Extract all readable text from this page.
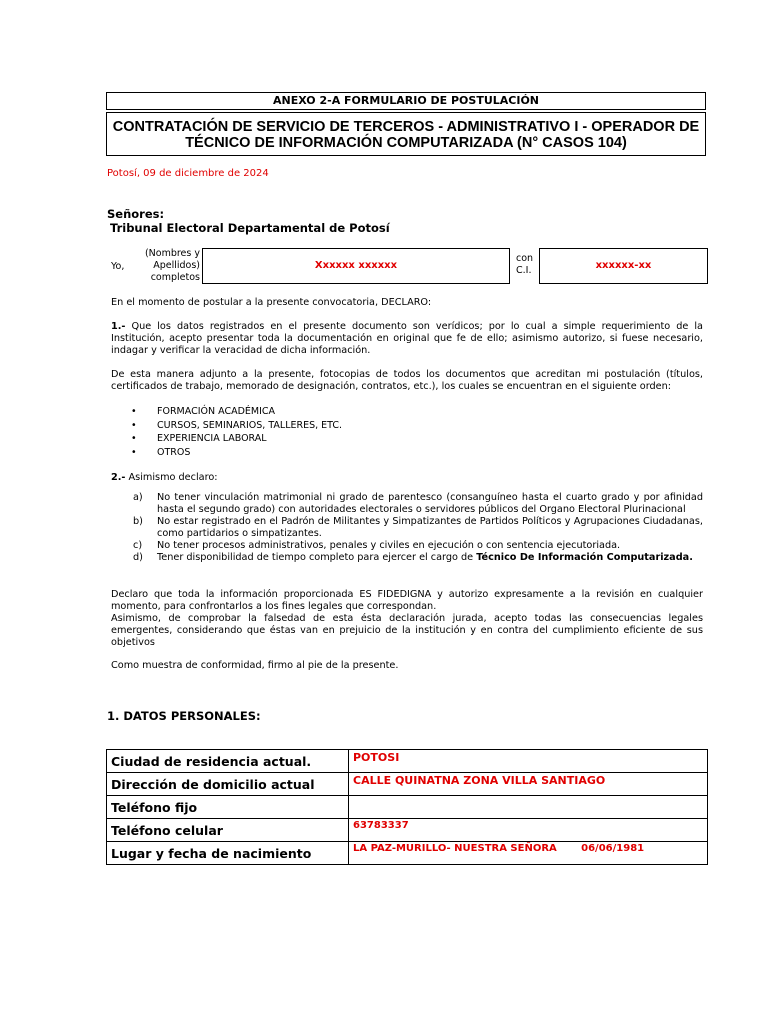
ANEXO 2-A FORMULARIO DE POSTULACIÓN
CONTRATACIÓN DE SERVICIO DE TERCEROS - ADMINISTRATIVO I - OPERADOR DE
TÉCNICO DE INFORMACIÓN COMPUTARIZADA (N° CASOS 104)
Potosí, 09 de diciembre de 2024
Señores:
Tribunal Electoral Departamental de Potosí
Yo,
(Nombres y
Apellidos)
completos
Xxxxxx xxxxxx
con
C.I.	xxxxxx-xx
En el momento de postular a la presente convocatoria, DECLARO:
1.- Que los datos registrados en el presente documento son verídicos; por lo cual a simple requerimiento de la Institución, acepto presentar toda la documentación en original que fe de ello; asimismo autorizo, si fuese necesario, indagar y verificar la veracidad de dicha información.
De esta manera adjunto a la presente, fotocopias de todos los documentos que acreditan mi postulación (títulos, certificados de trabajo, memorado de designación, contratos, etc.), los cuales se encuentran en el siguiente orden:
• FORMACIÓN ACADÉMICA
• CURSOS, SEMINARIOS, TALLERES, ETC.
• EXPERIENCIA LABORAL
• OTROS
2.- Asimismo declaro:
a)	No tener vinculación matrimonial ni grado de parentesco (consanguíneo hasta el cuarto grado y por afinidad hasta el segundo grado) con autoridades electorales o servidores públicos del Organo Electoral Plurinacional
b)	No estar registrado en el Padrón de Militantes y Simpatizantes de Partidos Políticos y Agrupaciones Ciudadanas, como partidarios o simpatizantes.
c)	No tener procesos administrativos, penales y civiles en ejecución o con sentencia ejecutoriada.
d)	Tener disponibilidad de tiempo completo para ejercer el cargo de Técnico De Información Computarizada.
Declaro que toda la información proporcionada ES FIDEDIGNA y autorizo expresamente a la revisión en cualquier momento, para confrontarlos a los fines legales que correspondan.
Asimismo, de comprobar la falsedad de esta ésta declaración jurada, acepto todas las consecuencias legales emergentes, considerando que éstas van en prejuicio de la institución y en contra del cumplimiento eficiente de sus objetivos
Como muestra de conformidad, firmo al pie de la presente.
1. DATOS PERSONALES:
Ciudad de residencia actual.	POTOSI
Dirección de domicilio actual	CALLE QUINATNA ZONA VILLA SANTIAGO
Teléfono fijo	
Teléfono celular	63783337
Lugar y fecha de nacimiento	LA PAZ-MURILLO- NUESTRA SEÑORA       06/06/1981
